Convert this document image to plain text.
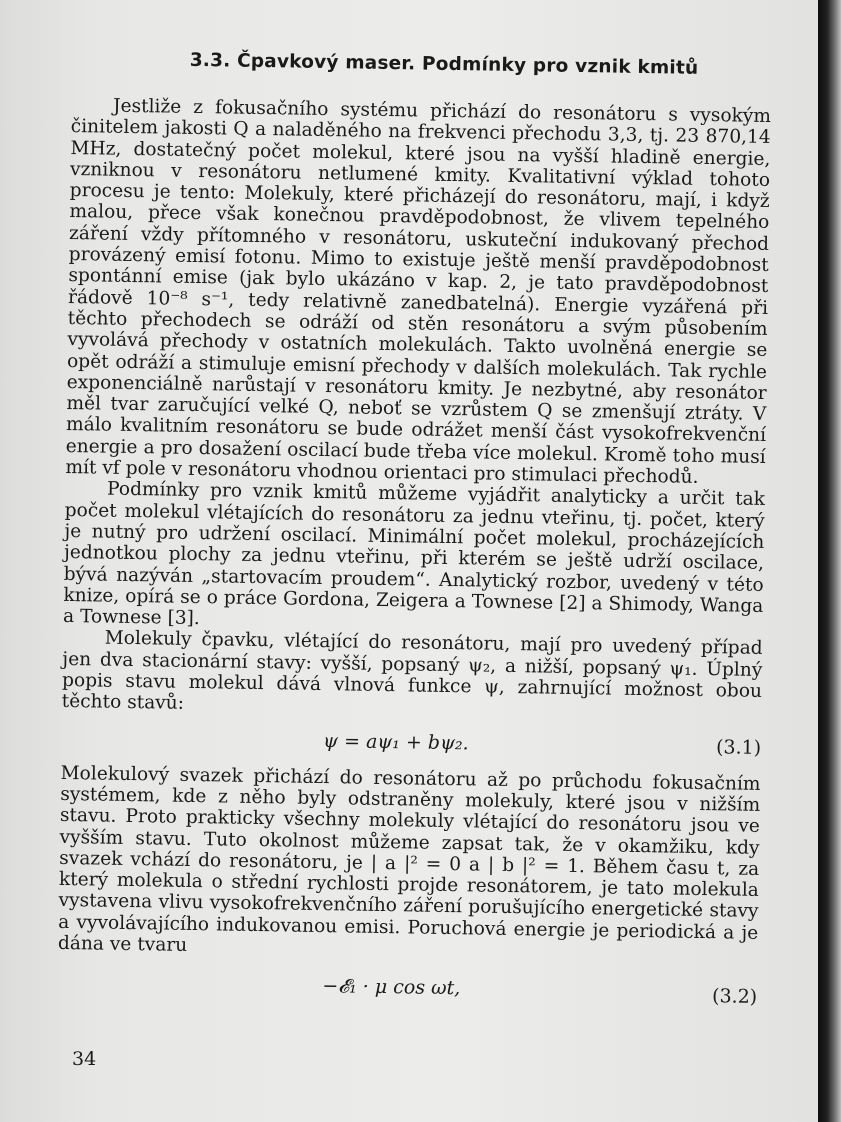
3.3. Čpavkový maser. Podmínky pro vznik kmitů

Jestliže z fokusačního systému přichází do resonátoru s vysokým činitelem jakosti Q a naladěného na frekvenci přechodu 3,3, tj. 23 870,14 MHz, dostatečný počet molekul, které jsou na vyšší hladině energie, vzniknou v resonátoru netlumené kmity. Kvalitativní výklad tohoto procesu je tento: Molekuly, které přicházejí do resonátoru, mají, i když malou, přece však konečnou pravděpodobnost, že vlivem tepelného záření vždy přítomného v resonátoru, uskuteční indukovaný přechod provázený emisí fotonu. Mimo to existuje ještě menší pravděpodobnost spontánní emise (jak bylo ukázáno v kap. 2, je tato pravděpodobnost řádově 10⁻⁸ s⁻¹, tedy relativně zanedbatelná). Energie vyzářená při těchto přechodech se odráží od stěn resonátoru a svým působením vyvolává přechody v ostatních molekulách. Takto uvolněná energie se opět odráží a stimuluje emisní přechody v dalších molekulách. Tak rychle exponenciálně narůstají v resonátoru kmity. Je nezbytné, aby resonátor měl tvar zaručující velké Q, neboť se vzrůstem Q se zmenšují ztráty. V málo kvalitním resonátoru se bude odrážet menší část vysokofrekvenční energie a pro dosažení oscilací bude třeba více molekul. Kromě toho musí mít vf pole v resonátoru vhodnou orientaci pro stimulaci přechodů.

Podmínky pro vznik kmitů můžeme vyjádřit analyticky a určit tak počet molekul vlétajících do resonátoru za jednu vteřinu, tj. počet, který je nutný pro udržení oscilací. Minimální počet molekul, procházejících jednotkou plochy za jednu vteřinu, při kterém se ještě udrží oscilace, bývá nazýván „startovacím proudem“. Analytický rozbor, uvedený v této knize, opírá se o práce Gordona, Zeigera a Townese [2] a Shimody, Wanga a Townese [3].

Molekuly čpavku, vlétající do resonátoru, mají pro uvedený případ jen dva stacionární stavy: vyšší, popsaný ψ₂, a nižší, popsaný ψ₁. Úplný popis stavu molekul dává vlnová funkce ψ, zahrnující možnost obou těchto stavů:

ψ = aψ₁ + bψ₂.	(3.1)

Molekulový svazek přichází do resonátoru až po průchodu fokusačním systémem, kde z něho byly odstraněny molekuly, které jsou v nižším stavu. Proto prakticky všechny molekuly vlétající do resonátoru jsou ve vyšším stavu. Tuto okolnost můžeme zapsat tak, že v okamžiku, kdy svazek vchází do resonátoru, je | a |² = 0 a | b |² = 1. Během času t, za který molekula o střední rychlosti projde resonátorem, je tato molekula vystavena vlivu vysokofrekvenčního záření porušujícího energetické stavy a vyvolávajícího indukovanou emisi. Poruchová energie je periodická a je dána ve tvaru

−𝓔₁ · μ cos ωt,	(3.2)
34
